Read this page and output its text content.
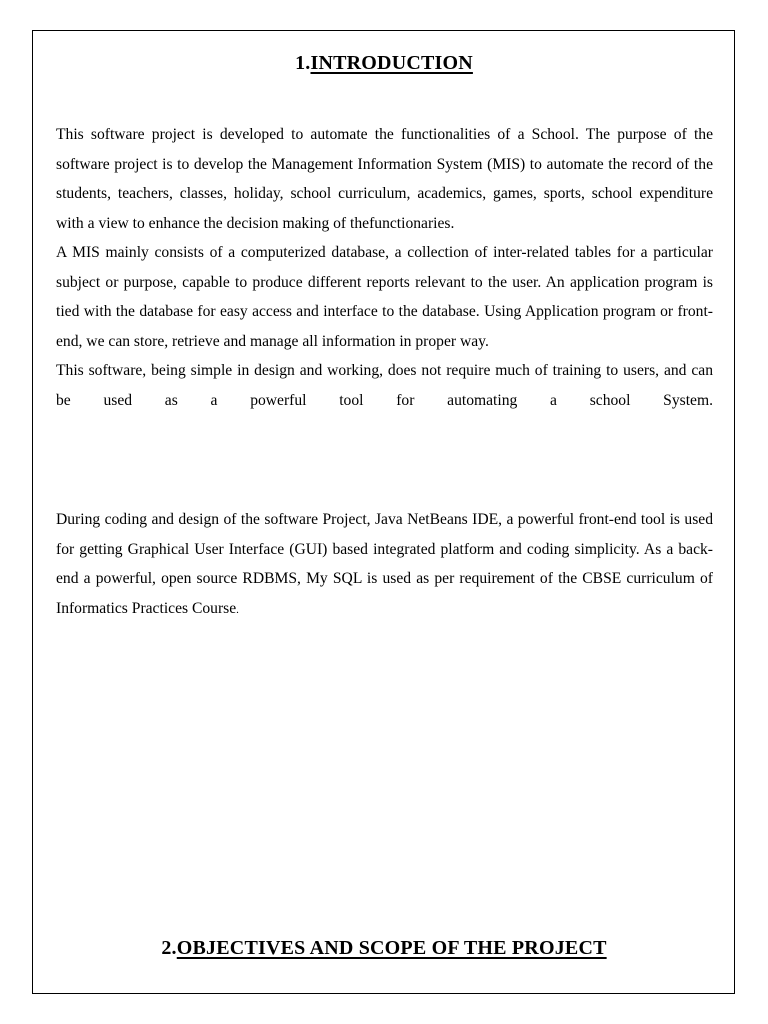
1.INTRODUCTION

This software project is developed to automate the functionalities of a School. The purpose of the software project is to develop the Management Information System (MIS) to automate the record of the students, teachers, classes, holiday, school curriculum, academics, games, sports, school expenditure with a view to enhance the decision making of thefunctionaries.

A MIS mainly consists of a computerized database, a collection of inter-related tables for a particular subject or purpose, capable to produce different reports relevant to the user. An application program is tied with the database for easy access and interface to the database. Using Application program or front-end, we can store, retrieve and manage all information in proper way.

This software, being simple in design and working, does not require much of training to users, and can be used as a powerful tool for automating a school System.

During coding and design of the software Project, Java NetBeans IDE, a powerful front-end tool is used for getting Graphical User Interface (GUI) based integrated platform and coding simplicity. As a back-end a powerful, open source RDBMS, My SQL is used as per requirement of the CBSE curriculum of Informatics Practices Course.

2.OBJECTIVES AND SCOPE OF THE PROJECT
